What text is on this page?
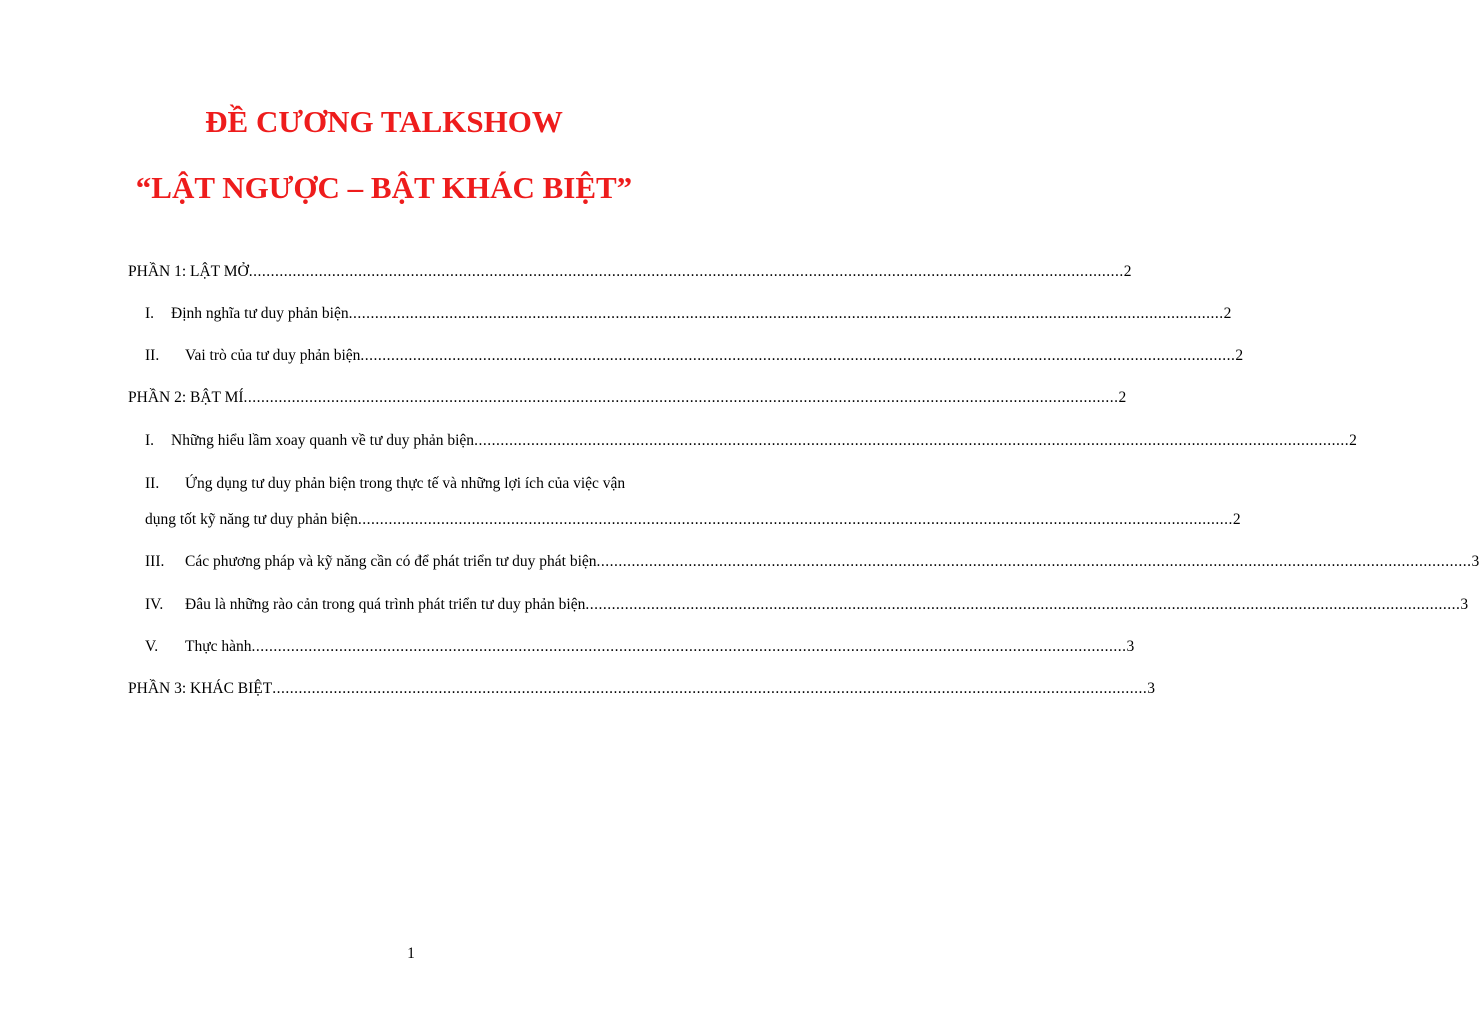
ĐỀ CƯƠNG TALKSHOW
“LẬT NGƯỢC – BẬT KHÁC BIỆT”
PHẦN 1: LẬT MỞ ........................................................................................................................................................................................................ 2
I.	Định nghĩa tư duy phản biện ........................................................................................................................................................................................................ 2
II.	Vai trò của tư duy phản biện ........................................................................................................................................................................................................ 2
PHẦN 2: BẬT MÍ ........................................................................................................................................................................................................ 2
I.	Những hiểu lầm xoay quanh về tư duy phản biện ........................................................................................................................................................................................................ 2
II. Ứng dụng tư duy phản biện trong thực tế và những lợi ích của việc vận
dụng tốt kỹ năng tư duy phản biện ........................................................................................................................................................................................................ 2
III.	Các phương pháp và kỹ năng cần có để phát triển tư duy phát biện ........................................................................................................................................................................................................ 3
IV.	Đâu là những rào cản trong quá trình phát triển tư duy phản biện ........................................................................................................................................................................................................ 3
V.	Thực hành ........................................................................................................................................................................................................ 3
PHẦN 3: KHÁC BIỆT ........................................................................................................................................................................................................ 3
1
